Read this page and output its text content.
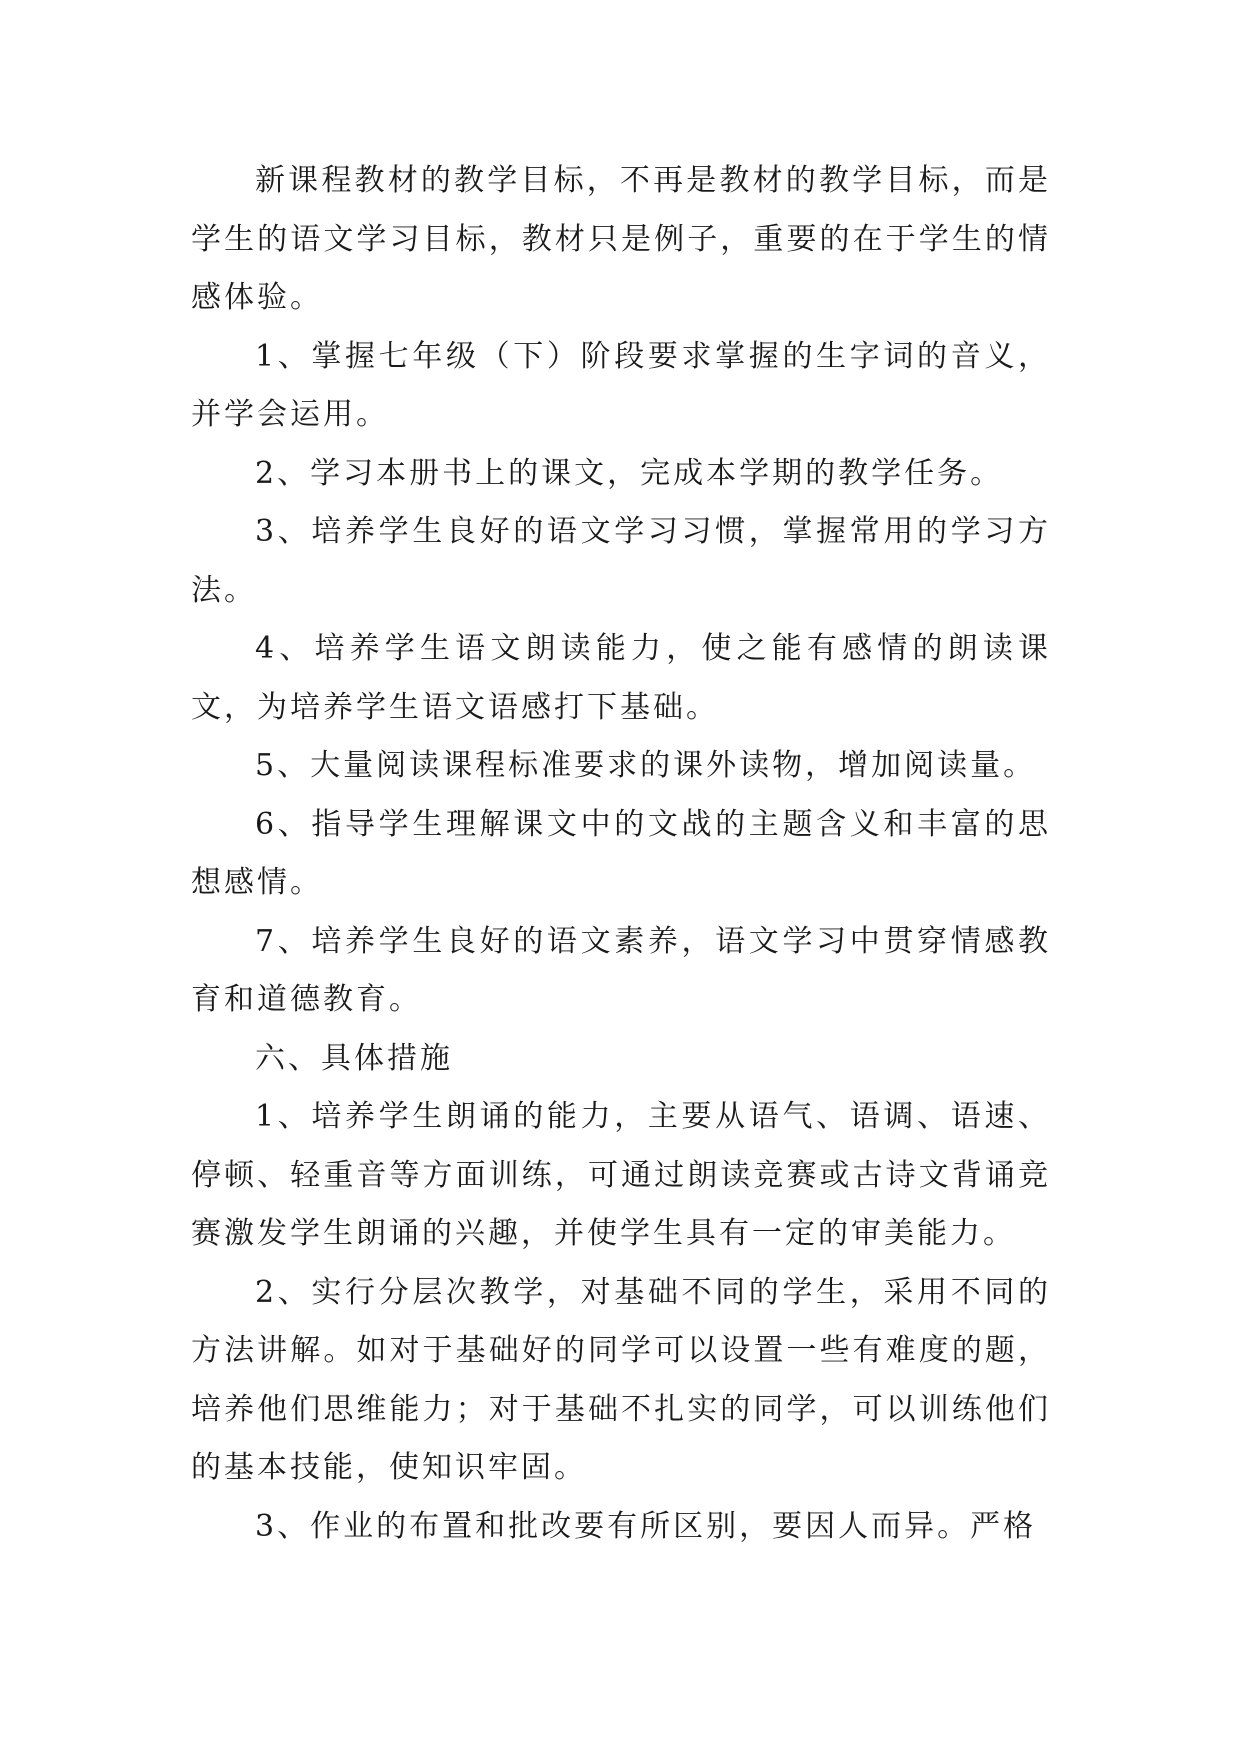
新课程教材的教学目标，不再是教材的教学目标，而是学生的语文学习目标，教材只是例子，重要的在于学生的情感体验。

1、掌握七年级（下）阶段要求掌握的生字词的音义，并学会运用。

2、学习本册书上的课文，完成本学期的教学任务。

3、培养学生良好的语文学习习惯，掌握常用的学习方法。

4、培养学生语文朗读能力，使之能有感情的朗读课文，为培养学生语文语感打下基础。

5、大量阅读课程标准要求的课外读物，增加阅读量。

6、指导学生理解课文中的文战的主题含义和丰富的思想感情。

7、培养学生良好的语文素养，语文学习中贯穿情感教育和道德教育。

六、具体措施

1、培养学生朗诵的能力，主要从语气、语调、语速、停顿、轻重音等方面训练，可通过朗读竞赛或古诗文背诵竞赛激发学生朗诵的兴趣，并使学生具有一定的审美能力。

2、实行分层次教学，对基础不同的学生，采用不同的方法讲解。如对于基础好的同学可以设置一些有难度的题，培养他们思维能力；对于基础不扎实的同学，可以训练他们的基本技能，使知识牢固。

3、作业的布置和批改要有所区别，要因人而异。严格
